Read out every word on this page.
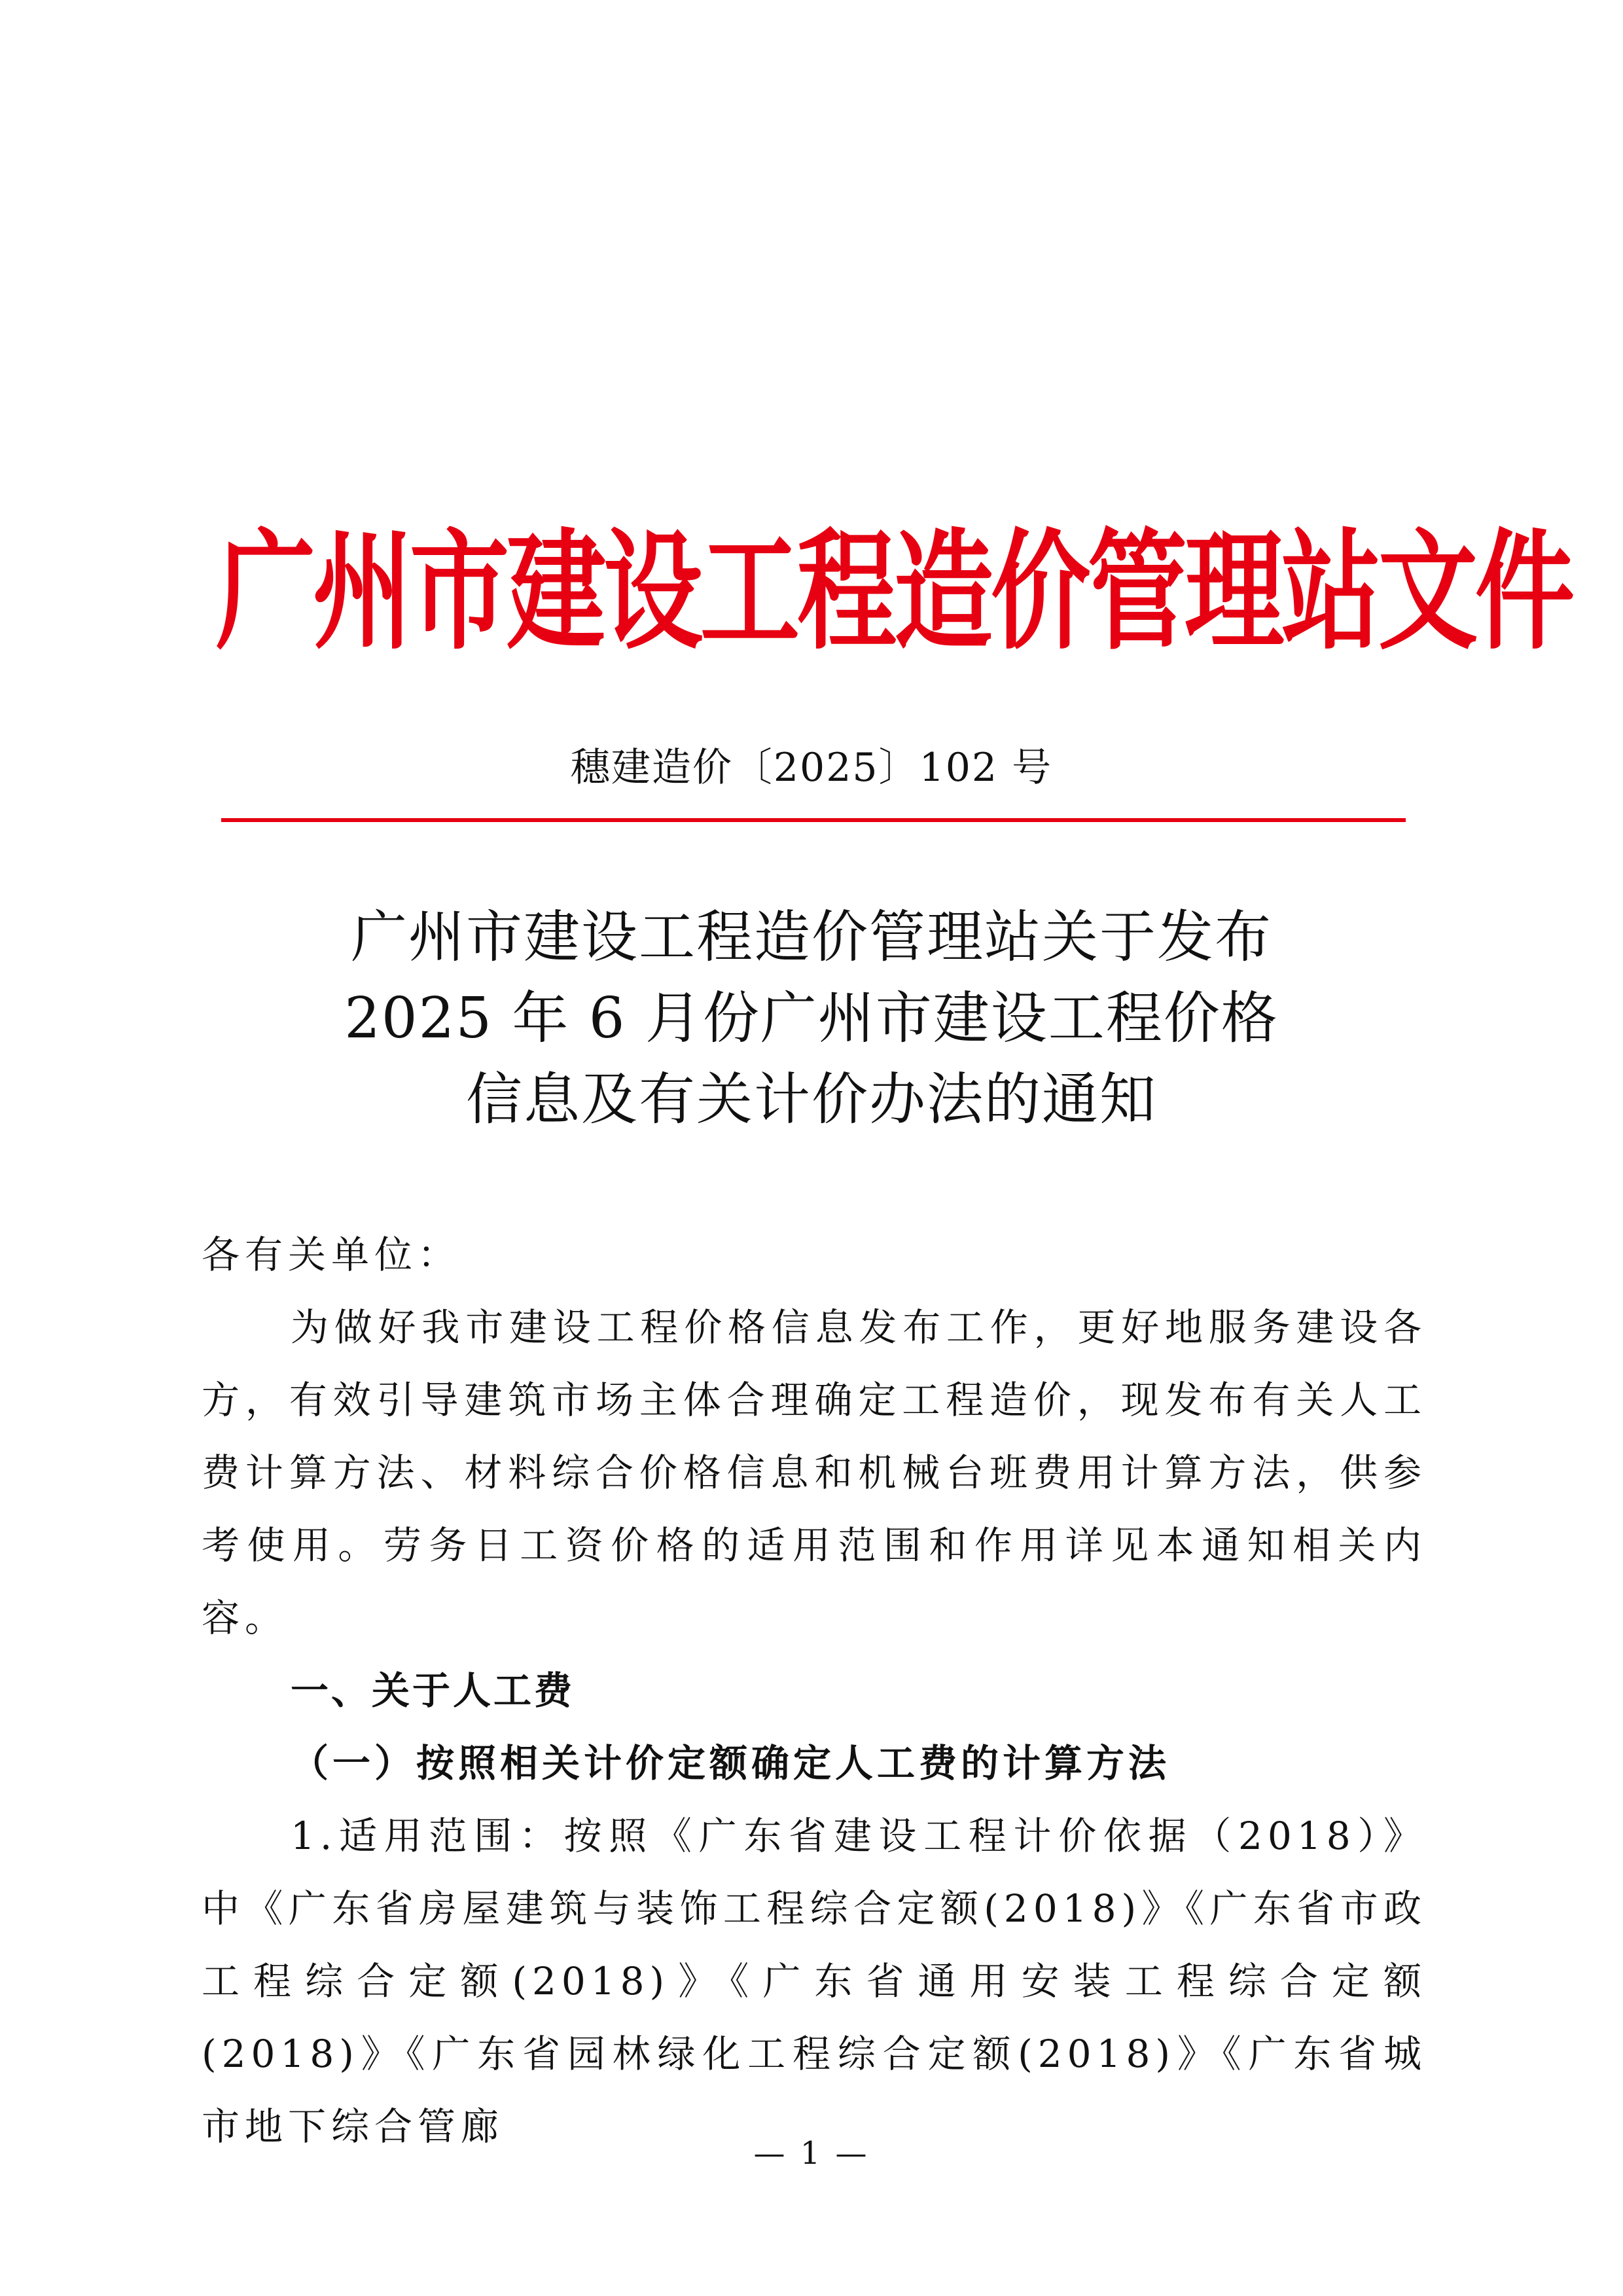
广州市建设工程造价管理站文件
穗建造价〔2025〕102 号
广州市建设工程造价管理站关于发布
2025 年 6 月份广州市建设工程价格
信息及有关计价办法的通知

各有关单位：

为做好我市建设工程价格信息发布工作，更好地服务建设各方，有效引导建筑市场主体合理确定工程造价，现发布有关人工费计算方法、材料综合价格信息和机械台班费用计算方法，供参考使用。劳务日工资价格的适用范围和作用详见本通知相关内容。

一、关于人工费

（一）按照相关计价定额确定人工费的计算方法

1.适用范围：按照《广东省建设工程计价依据（2018）》中《广东省房屋建筑与装饰工程综合定额(2018)》《广东省市政工程综合定额(2018)》《广东省通用安装工程综合定额(2018)》《广东省园林绿化工程综合定额(2018)》《广东省城市地下综合管廊

— 1 —
